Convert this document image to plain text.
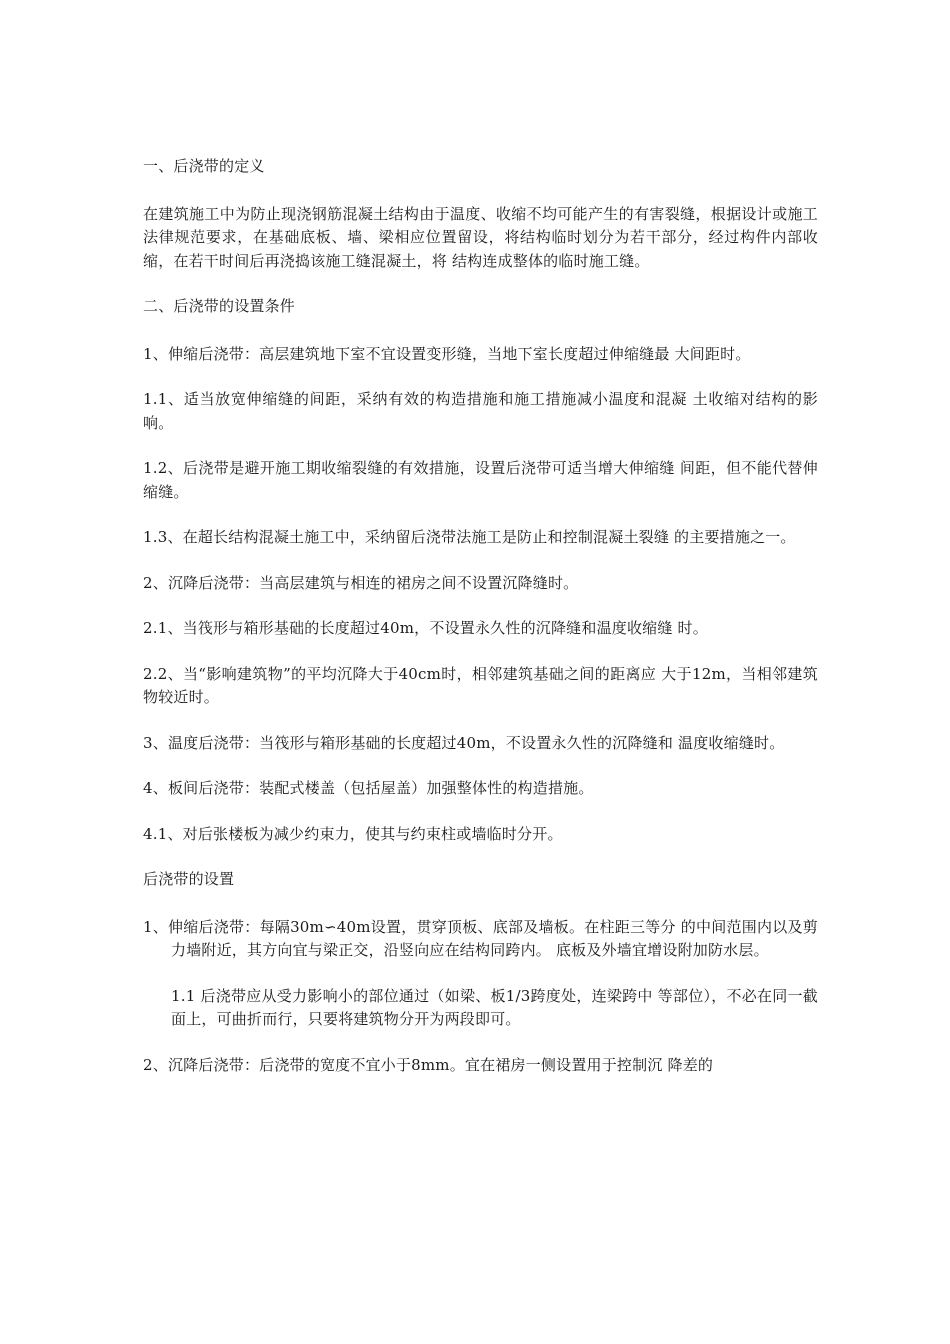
一、后浇带的定义

在建筑施工中为防止现浇钢筋混凝土结构由于温度、收缩不均可能产生的有害裂缝，根据设计或施工法律规范要求，在基础底板、墙、梁相应位置留设，将结构临时划分为若干部分，经过构件内部收缩，在若干时间后再浇捣该施工缝混凝土，将 结构连成整体的临时施工缝。

二、后浇带的设置条件

1、伸缩后浇带：高层建筑地下室不宜设置变形缝，当地下室长度超过伸缩缝最 大间距时。

1.1、适当放宽伸缩缝的间距，采纳有效的构造措施和施工措施减小温度和混凝 土收缩对结构的影响。

1.2、后浇带是避开施工期收缩裂缝的有效措施，设置后浇带可适当增大伸缩缝 间距，但不能代替伸缩缝。

1.3、在超长结构混凝土施工中，采纳留后浇带法施工是防止和控制混凝土裂缝 的主要措施之一。

2、沉降后浇带：当高层建筑与相连的裙房之间不设置沉降缝时。

2.1、当筏形与箱形基础的长度超过40m，不设置永久性的沉降缝和温度收缩缝 时。

2.2、当“影响建筑物”的平均沉降大于40cm时，相邻建筑基础之间的距离应 大于12m，当相邻建筑物较近时。

3、温度后浇带：当筏形与箱形基础的长度超过40m，不设置永久性的沉降缝和 温度收缩缝时。

4、板间后浇带：装配式楼盖（包括屋盖）加强整体性的构造措施。

4.1、对后张楼板为减少约束力，使其与约束柱或墙临时分开。

后浇带的设置

1、伸缩后浇带：每隔30m∽40m设置，贯穿顶板、底部及墙板。在柱距三等分 的中间范围内以及剪力墙附近，其方向宜与梁正交，沿竖向应在结构同跨内。 底板及外墙宜增设附加防水层。

1.1 后浇带应从受力影响小的部位通过（如梁、板1/3跨度处，连梁跨中 等部位），不必在同一截面上，可曲折而行，只要将建筑物分开为两段即可。

2、沉降后浇带：后浇带的宽度不宜小于8mm。宜在裙房一侧设置用于控制沉 降差的
